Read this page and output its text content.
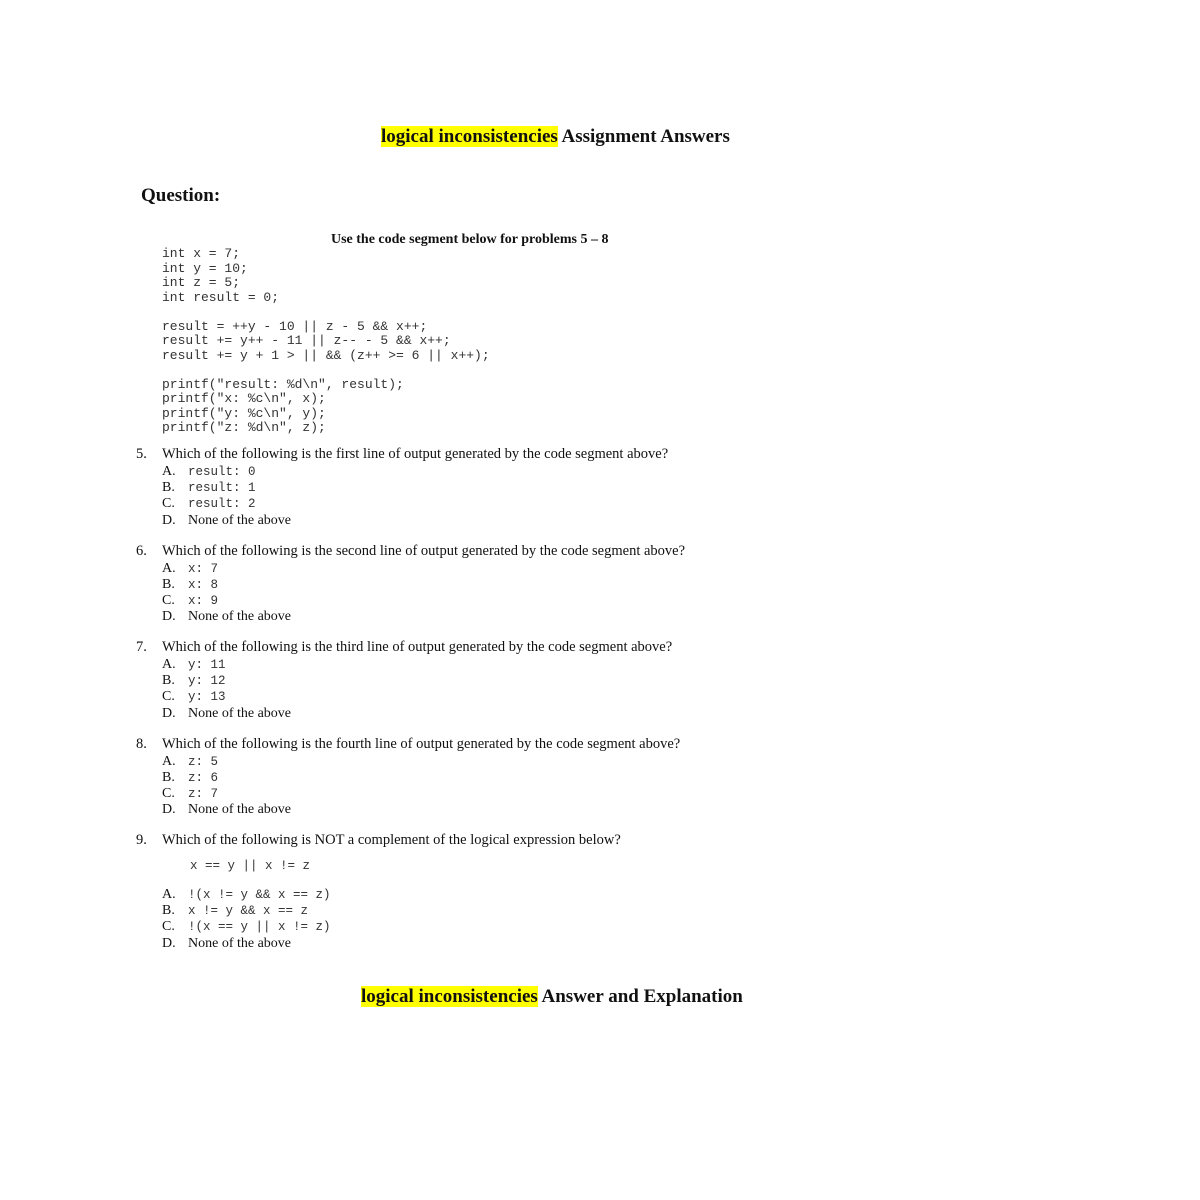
logical inconsistencies Assignment Answers
Question:
Use the code segment below for problems 5 – 8
int x = 7;
int y = 10;
int z = 5;
int result = 0;
result = ++y - 10 || z - 5 && x++;
result += y++ - 11 || z-- - 5 && x++;
result += y + 1 > || && (z++ >= 6 || x++);
printf("result: %d\n", result);
printf("x: %c\n", x);
printf("y: %c\n", y);
printf("z: %d\n", z);
5. Which of the following is the first line of output generated by the code segment above?
A. result: 0
B. result: 1
C. result: 2
D. None of the above
6. Which of the following is the second line of output generated by the code segment above?
A. x: 7
B. x: 8
C. x: 9
D. None of the above
7. Which of the following is the third line of output generated by the code segment above?
A. y: 11
B. y: 12
C. y: 13
D. None of the above
8. Which of the following is the fourth line of output generated by the code segment above?
A. z: 5
B. z: 6
C. z: 7
D. None of the above
9. Which of the following is NOT a complement of the logical expression below?
x == y || x != z
A. !(x != y && x == z)
B. x != y && x == z
C. !(x == y || x != z)
D. None of the above
logical inconsistencies Answer and Explanation
